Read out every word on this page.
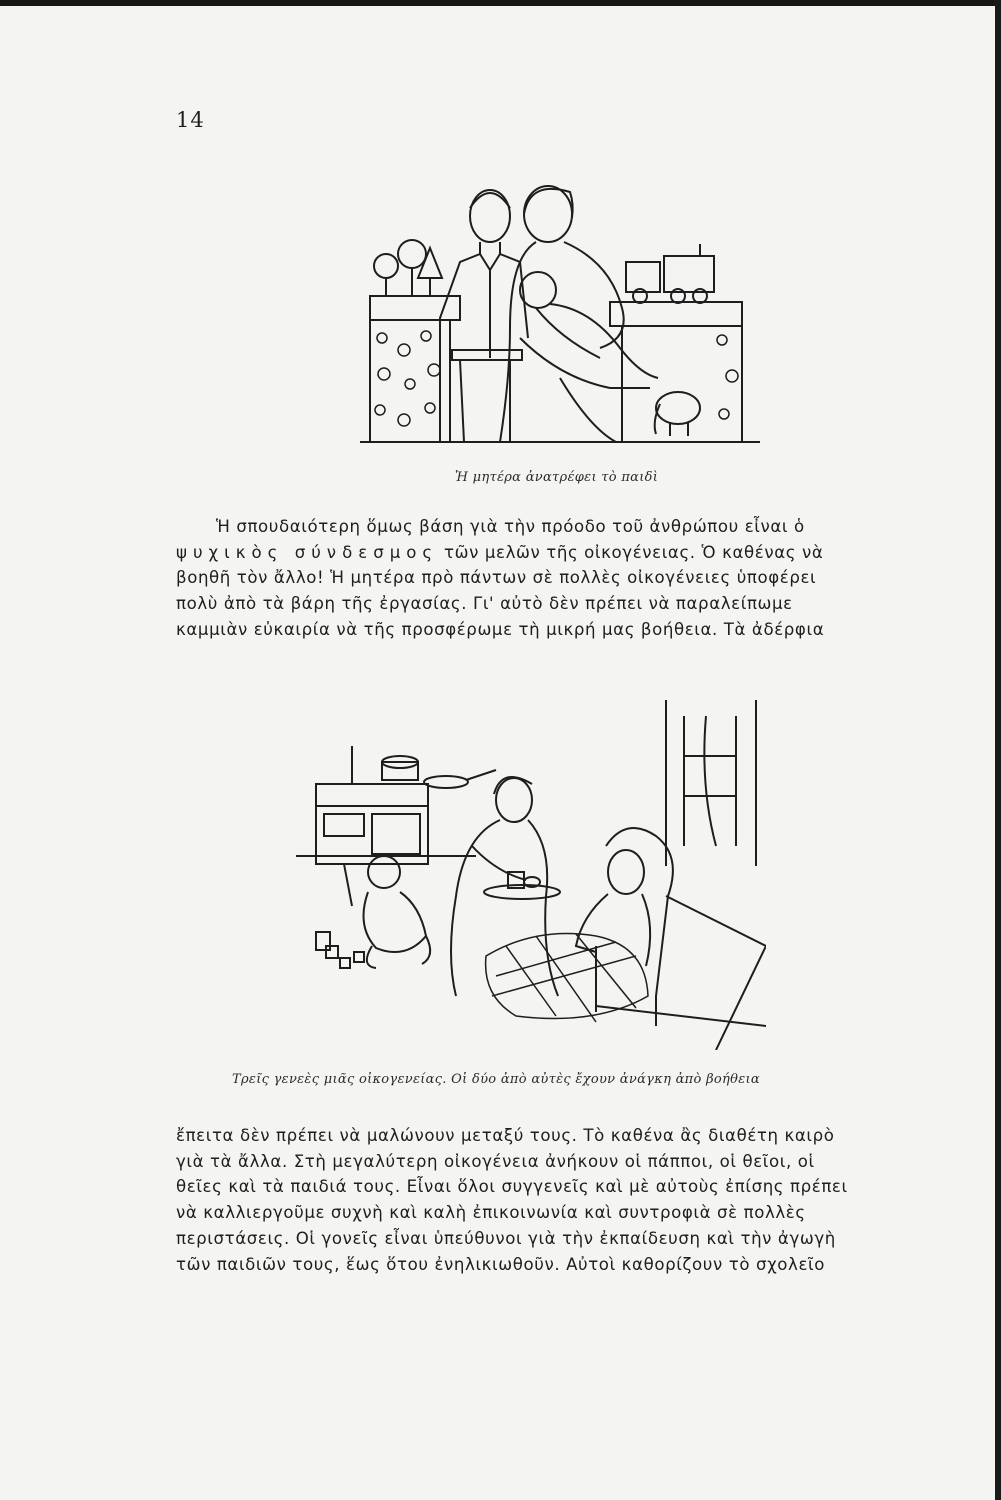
14
Ἡ μητέρα ἀνατρέφει τὸ παιδὶ

Ἡ σπουδαιότερη ὅμως βάση γιὰ τὴν πρόοδο τοῦ ἀνθρώπου εἶναι ὁ
ψυχικὸς σύνδεσμος τῶν μελῶν τῆς οἰκογένειας. Ὁ καθένας νὰ
βοηθῆ τὸν ἄλλο! Ἡ μητέρα πρὸ πάντων σὲ πολλὲς οἰκογένειες ὑποφέρει
πολὺ ἀπὸ τὰ βάρη τῆς ἐργασίας. Γι' αὐτὸ δὲν πρέπει νὰ παραλείπωμε
καμμιὰν εὐκαιρία νὰ τῆς προσφέρωμε τὴ μικρή μας βοήθεια. Τὰ ἀδέρφια

Τρεῖς γενεὲς μιᾶς οἰκογενείας. Οἱ δύο ἀπὸ αὐτὲς ἔχουν ἀνάγκη ἀπὸ βοήθεια

ἔπειτα δὲν πρέπει νὰ μαλώνουν μεταξύ τους. Τὸ καθένα ἂς διαθέτη καιρὸ
γιὰ τὰ ἄλλα. Στὴ μεγαλύτερη οἰκογένεια ἀνήκουν οἱ πάπποι, οἱ θεῖοι, οἱ
θεῖες καὶ τὰ παιδιά τους. Εἶναι ὅλοι συγγενεῖς καὶ μὲ αὐτοὺς ἐπίσης πρέπει
νὰ καλλιεργοῦμε συχνὴ καὶ καλὴ ἐπικοινωνία καὶ συντροφιὰ σὲ πολλὲς
περιστάσεις. Οἱ γονεῖς εἶναι ὑπεύθυνοι γιὰ τὴν ἐκπαίδευση καὶ τὴν ἀγωγὴ
τῶν παιδιῶν τους, ἕως ὅτου ἐνηλικιωθοῦν. Αὐτοὶ καθορίζουν τὸ σχολεῖο
